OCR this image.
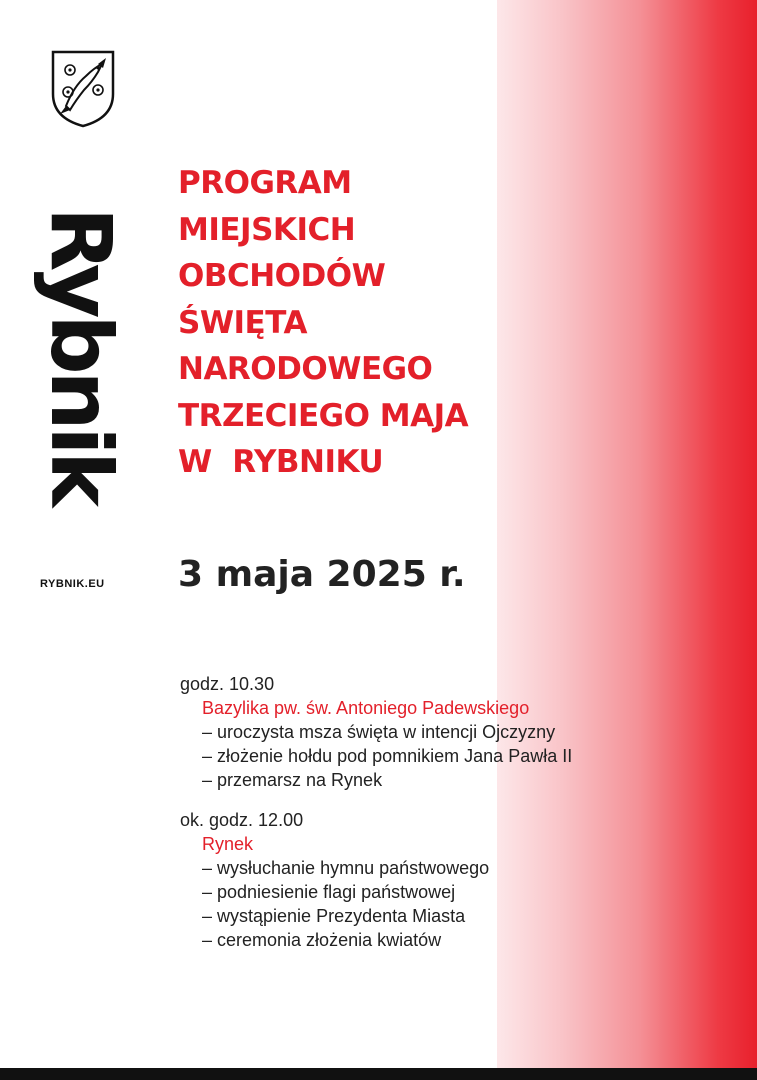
Rybnik
RYBNIK.EU
PROGRAM
MIEJSKICH
OBCHODÓW
ŚWIĘTA
NARODOWEGO
TRZECIEGO MAJA
W  RYBNIKU
3 maja 2025 r.
godz. 10.30
Bazylika pw. św. Antoniego Padewskiego
– uroczysta msza święta w intencji Ojczyzny
– złożenie hołdu pod pomnikiem Jana Pawła II
– przemarsz na Rynek
ok. godz. 12.00
Rynek
– wysłuchanie hymnu państwowego
– podniesienie flagi państwowej
– wystąpienie Prezydenta Miasta
– ceremonia złożenia kwiatów
